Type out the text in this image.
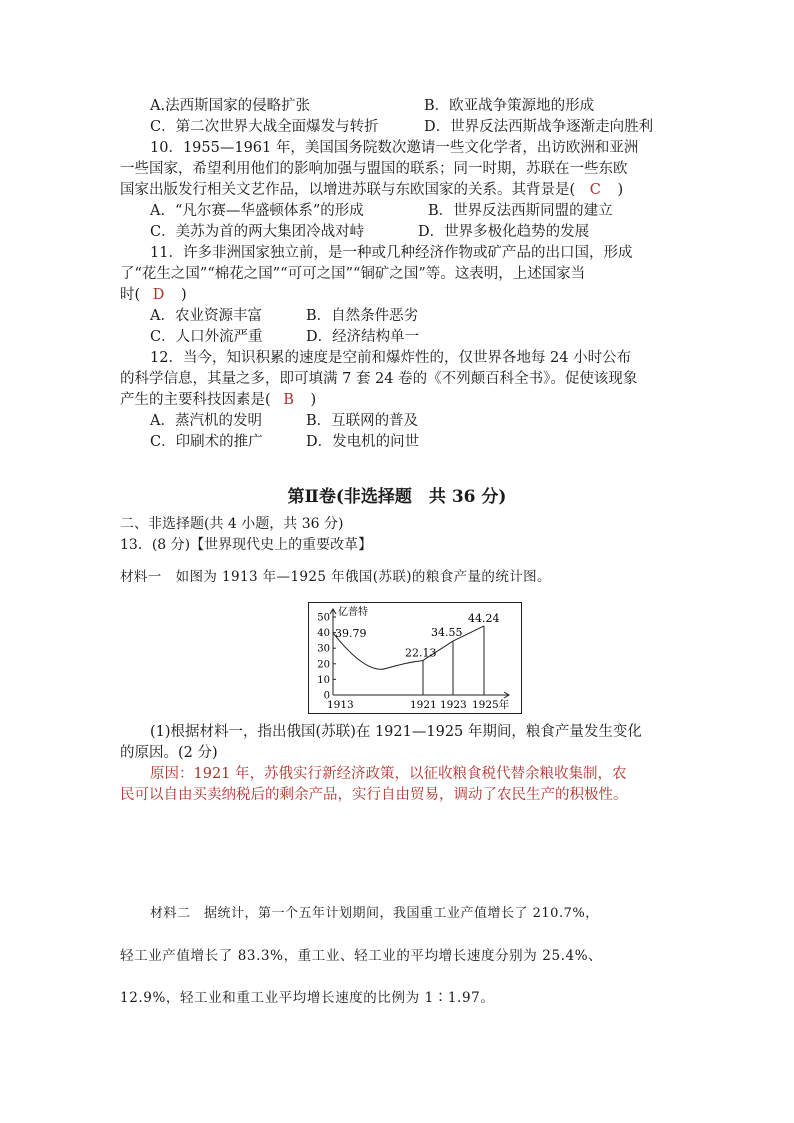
A.法西斯国家的侵略扩张	B．欧亚战争策源地的形成
C．第二次世界大战全面爆发与转折	D．世界反法西斯战争逐渐走向胜利
10．1955—1961 年，美国国务院数次邀请一些文化学者，出访欧洲和亚洲
一些国家，希望利用他们的影响加强与盟国的联系；同一时期，苏联在一些东欧
国家出版发行相关文艺作品，以增进苏联与东欧国家的关系。其背景是( C )
A．“凡尔赛—华盛顿体系”的形成	B．世界反法西斯同盟的建立
C．美苏为首的两大集团冷战对峙	D．世界多极化趋势的发展
11．许多非洲国家独立前，是一种或几种经济作物或矿产品的出口国，形成
了“花生之国”“棉花之国”“可可之国”“铜矿之国”等。这表明，上述国家当
时( D )
A．农业资源丰富	B．自然条件恶劣
C．人口外流严重	D．经济结构单一
12．当今，知识积累的速度是空前和爆炸性的，仅世界各地每 24 小时公布
的科学信息，其量之多，即可填满 7 套 24 卷的《不列颠百科全书》。促使该现象
产生的主要科技因素是( B )
A．蒸汽机的发明	B．互联网的普及
C．印刷术的推广	D．发电机的问世
第Ⅱ卷(非选择题　共 36 分)
二、非选择题(共 4 小题，共 36 分)
13．(8 分)【世界现代史上的重要改革】
材料一　如图为 1913 年—1925 年俄国(苏联)的粮食产量的统计图。
亿普特
0
10
20
30
40
50
39.79
22.13
34.55
44.24
1913	1921 1923 1925年
(1)根据材料一，指出俄国(苏联)在 1921—1925 年期间，粮食产量发生变化
的原因。(2 分)
原因：1921 年，苏俄实行新经济政策，以征收粮食税代替余粮收集制，农
民可以自由买卖纳税后的剩余产品，实行自由贸易，调动了农民生产的积极性。
材料二　据统计，第一个五年计划期间，我国重工业产值增长了 210.7%，
轻工业产值增长了 83.3%，重工业、轻工业的平均增长速度分别为 25.4%、
12.9%，轻工业和重工业平均增长速度的比例为 1∶1.97。
